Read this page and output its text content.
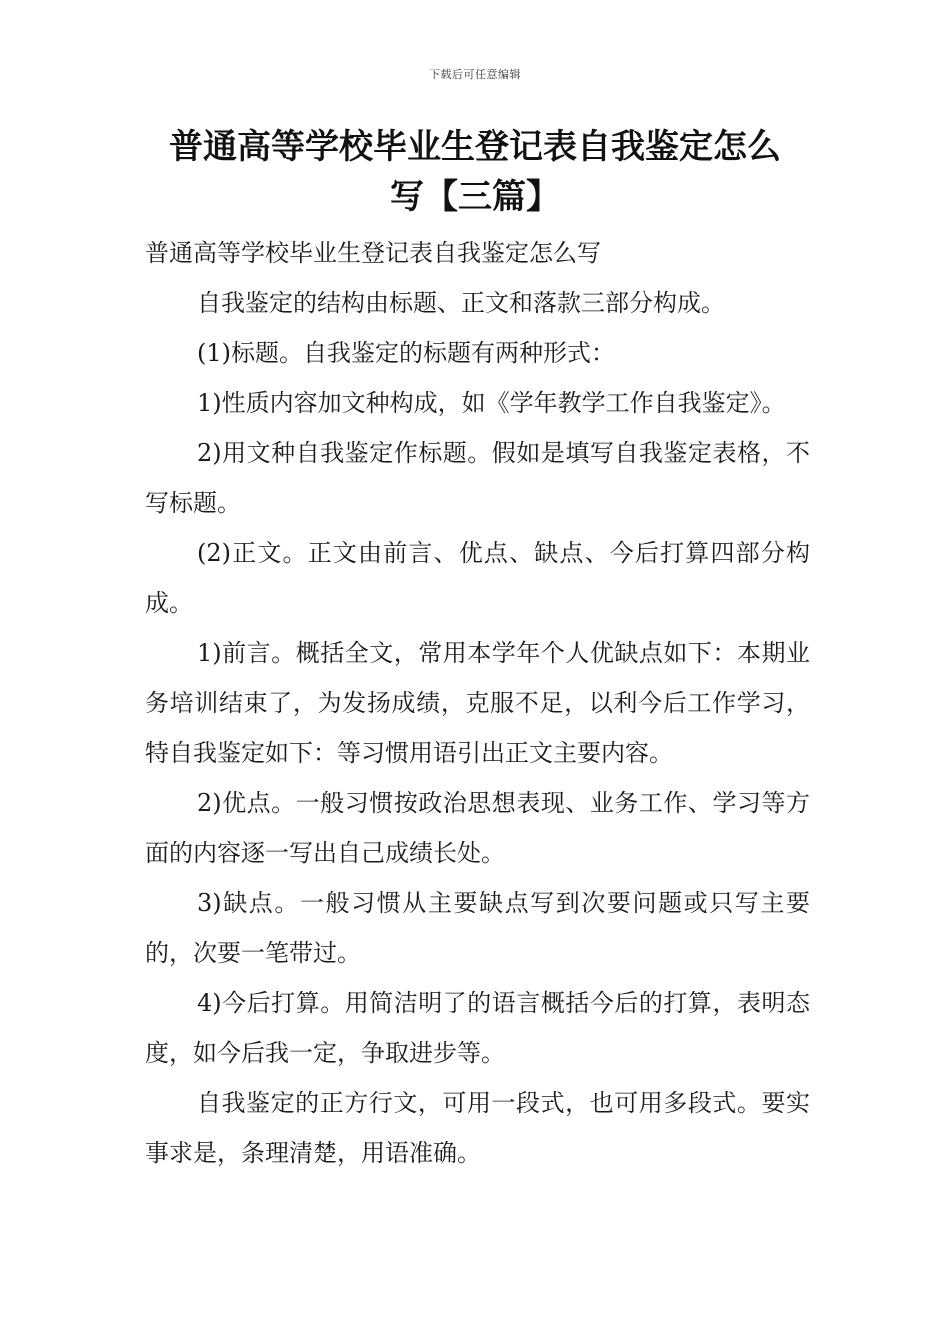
下载后可任意编辑
普通高等学校毕业生登记表自我鉴定怎么
写【三篇】

普通高等学校毕业生登记表自我鉴定怎么写

自我鉴定的结构由标题、正文和落款三部分构成。

(1)标题。自我鉴定的标题有两种形式：

1)性质内容加文种构成，如《学年教学工作自我鉴定》。

2)用文种自我鉴定作标题。假如是填写自我鉴定表格，不写标题。

(2)正文。正文由前言、优点、缺点、今后打算四部分构成。

1)前言。概括全文，常用本学年个人优缺点如下：本期业务培训结束了，为发扬成绩，克服不足，以利今后工作学习，特自我鉴定如下：等习惯用语引出正文主要内容。

2)优点。一般习惯按政治思想表现、业务工作、学习等方面的内容逐一写出自己成绩长处。

3)缺点。一般习惯从主要缺点写到次要问题或只写主要的，次要一笔带过。

4)今后打算。用简洁明了的语言概括今后的打算，表明态度，如今后我一定，争取进步等。

自我鉴定的正方行文，可用一段式，也可用多段式。要实事求是，条理清楚，用语准确。
